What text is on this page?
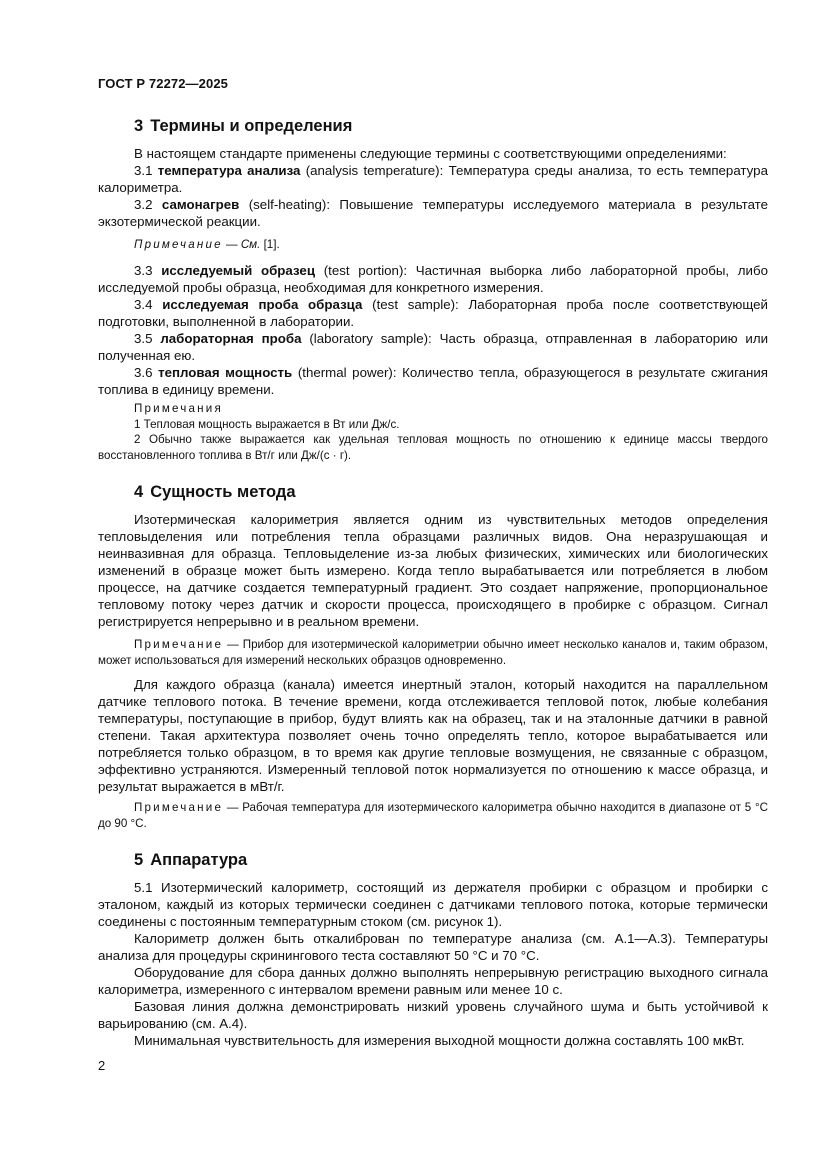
ГОСТ Р 72272—2025
3 Термины и определения

В настоящем стандарте применены следующие термины с соответствующими определениями:

3.1 температура анализа (analysis temperature): Температура среды анализа, то есть температура калориметра.

3.2 самонагрев (self-heating): Повышение температуры исследуемого материала в результате экзотермической реакции.

Примечание — См. [1].

3.3 исследуемый образец (test portion): Частичная выборка либо лабораторной пробы, либо исследуемой пробы образца, необходимая для конкретного измерения.

3.4 исследуемая проба образца (test sample): Лабораторная проба после соответствующей подготовки, выполненной в лаборатории.

3.5 лабораторная проба (laboratory sample): Часть образца, отправленная в лабораторию или полученная ею.

3.6 тепловая мощность (thermal power): Количество тепла, образующегося в результате сжигания топлива в единицу времени.

Примечания

1 Тепловая мощность выражается в Вт или Дж/с.

2 Обычно также выражается как удельная тепловая мощность по отношению к единице массы твердого восстановленного топлива в Вт/г или Дж/(с · г).

4 Сущность метода

Изотермическая калориметрия является одним из чувствительных методов определения тепловыделения или потребления тепла образцами различных видов. Она неразрушающая и неинвазивная для образца. Тепловыделение из-за любых физических, химических или биологических изменений в образце может быть измерено. Когда тепло вырабатывается или потребляется в любом процессе, на датчике создается температурный градиент. Это создает напряжение, пропорциональное тепловому потоку через датчик и скорости процесса, происходящего в пробирке с образцом. Сигнал регистрируется непрерывно и в реальном времени.

Примечание — Прибор для изотермической калориметрии обычно имеет несколько каналов и, таким образом, может использоваться для измерений нескольких образцов одновременно.

Для каждого образца (канала) имеется инертный эталон, который находится на параллельном датчике теплового потока. В течение времени, когда отслеживается тепловой поток, любые колебания температуры, поступающие в прибор, будут влиять как на образец, так и на эталонные датчики в равной степени. Такая архитектура позволяет очень точно определять тепло, которое вырабатывается или потребляется только образцом, в то время как другие тепловые возмущения, не связанные с образцом, эффективно устраняются. Измеренный тепловой поток нормализуется по отношению к массе образца, и результат выражается в мВт/г.

Примечание — Рабочая температура для изотермического калориметра обычно находится в диапазоне от 5 °С до 90 °С.

5 Аппаратура

5.1 Изотермический калориметр, состоящий из держателя пробирки с образцом и пробирки с эталоном, каждый из которых термически соединен с датчиками теплового потока, которые термически соединены с постоянным температурным стоком (см. рисунок 1).

Калориметр должен быть откалиброван по температуре анализа (см. А.1—А.3). Температуры анализа для процедуры скринингового теста составляют 50 °С и 70 °С.

Оборудование для сбора данных должно выполнять непрерывную регистрацию выходного сигнала калориметра, измеренного с интервалом времени равным или менее 10 с.

Базовая линия должна демонстрировать низкий уровень случайного шума и быть устойчивой к варьированию (см. А.4).

Минимальная чувствительность для измерения выходной мощности должна составлять 100 мкВт.

2
